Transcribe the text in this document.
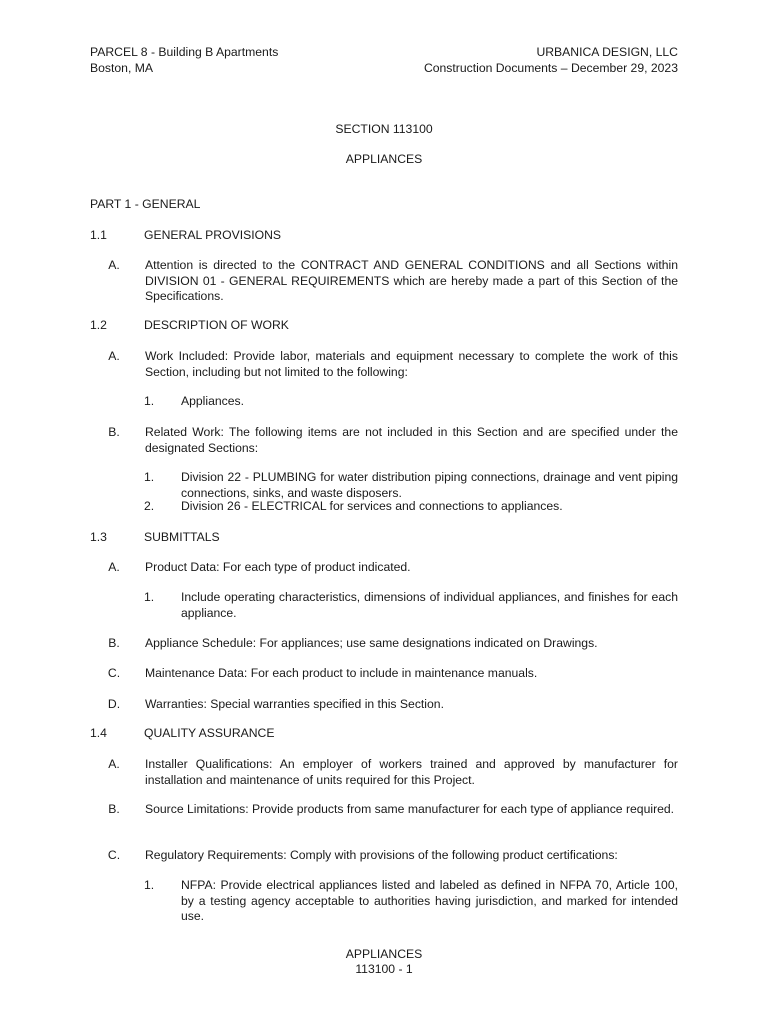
PARCEL 8 - Building B Apartments
Boston, MA
URBANICA DESIGN, LLC
Construction Documents – December 29, 2023
SECTION 113100
APPLIANCES
PART 1 - GENERAL
1.1	GENERAL PROVISIONS
A. Attention is directed to the CONTRACT AND GENERAL CONDITIONS and all Sections within DIVISION 01 - GENERAL REQUIREMENTS which are hereby made a part of this Section of the Specifications.
1.2	DESCRIPTION OF WORK
A. Work Included: Provide labor, materials and equipment necessary to complete the work of this Section, including but not limited to the following:
1. Appliances.
B. Related Work: The following items are not included in this Section and are specified under the designated Sections:
1. Division 22 - PLUMBING for water distribution piping connections, drainage and vent piping connections, sinks, and waste disposers.
2. Division 26 - ELECTRICAL for services and connections to appliances.
1.3	SUBMITTALS
A. Product Data: For each type of product indicated.
1. Include operating characteristics, dimensions of individual appliances, and finishes for each appliance.
B. Appliance Schedule: For appliances; use same designations indicated on Drawings.
C. Maintenance Data: For each product to include in maintenance manuals.
D. Warranties: Special warranties specified in this Section.
1.4	QUALITY ASSURANCE
A. Installer Qualifications: An employer of workers trained and approved by manufacturer for installation and maintenance of units required for this Project.
B. Source Limitations: Provide products from same manufacturer for each type of appliance required.
C. Regulatory Requirements: Comply with provisions of the following product certifications:
1. NFPA: Provide electrical appliances listed and labeled as defined in NFPA 70, Article 100, by a testing agency acceptable to authorities having jurisdiction, and marked for intended use.
APPLIANCES
113100 - 1
